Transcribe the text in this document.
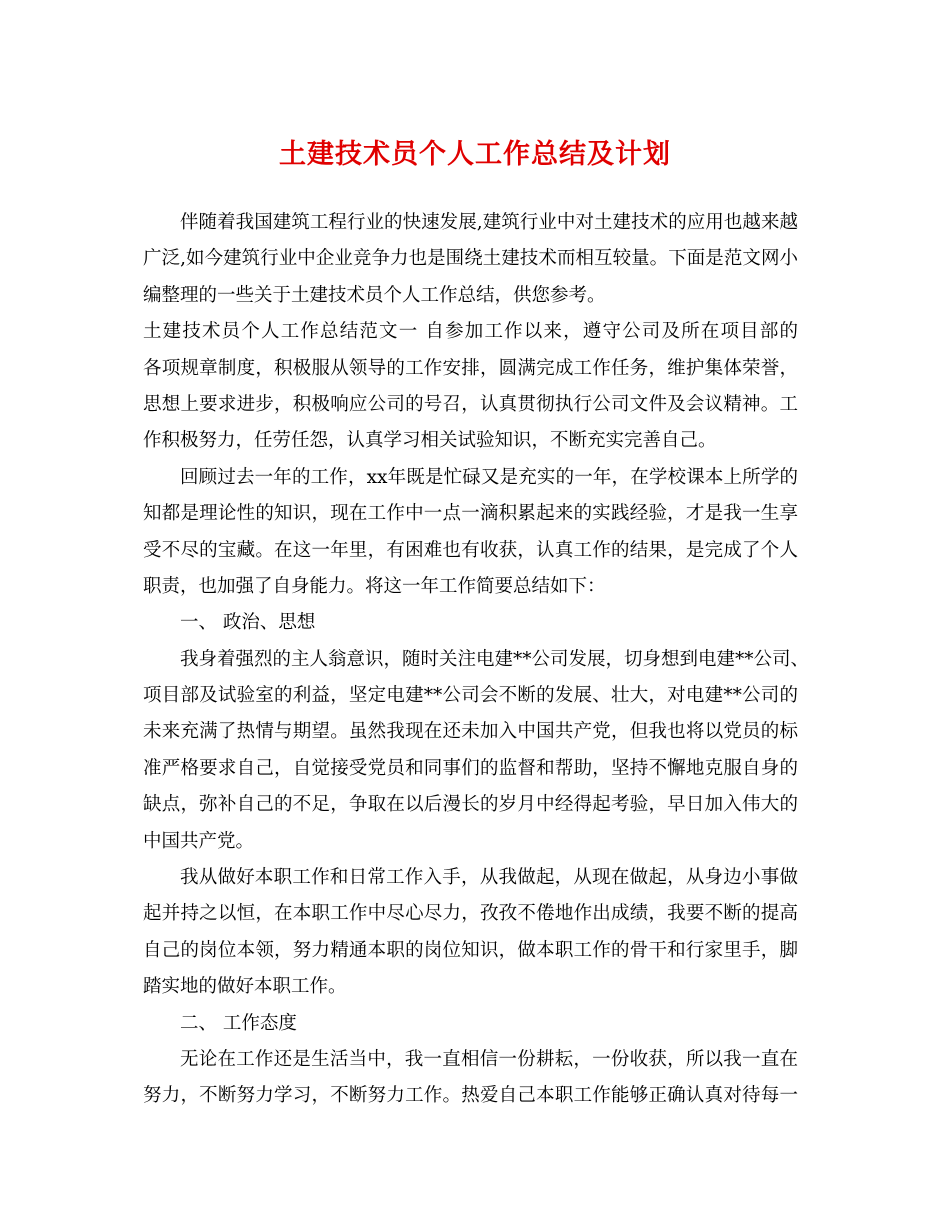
土建技术员个人工作总结及计划
伴随着我国建筑工程行业的快速发展,建筑行业中对土建技术的应用也越来越
广泛,如今建筑行业中企业竞争力也是围绕土建技术而相互较量。下面是范文网小
编整理的一些关于土建技术员个人工作总结，供您参考。
土建技术员个人工作总结范文一 自参加工作以来，遵守公司及所在项目部的
各项规章制度，积极服从领导的工作安排，圆满完成工作任务，维护集体荣誉，
思想上要求进步，积极响应公司的号召，认真贯彻执行公司文件及会议精神。工
作积极努力，任劳任怨，认真学习相关试验知识，不断充实完善自己。
回顾过去一年的工作，xx年既是忙碌又是充实的一年，在学校课本上所学的
知都是理论性的知识，现在工作中一点一滴积累起来的实践经验，才是我一生享
受不尽的宝藏。在这一年里，有困难也有收获，认真工作的结果，是完成了个人
职责，也加强了自身能力。将这一年工作简要总结如下：
一、 政治、思想
我身着强烈的主人翁意识，随时关注电建**公司发展，切身想到电建**公司、
项目部及试验室的利益，坚定电建**公司会不断的发展、壮大，对电建**公司的
未来充满了热情与期望。虽然我现在还未加入中国共产党，但我也将以党员的标
准严格要求自己，自觉接受党员和同事们的监督和帮助，坚持不懈地克服自身的
缺点，弥补自己的不足，争取在以后漫长的岁月中经得起考验，早日加入伟大的
中国共产党。
我从做好本职工作和日常工作入手，从我做起，从现在做起，从身边小事做
起并持之以恒，在本职工作中尽心尽力，孜孜不倦地作出成绩，我要不断的提高
自己的岗位本领，努力精通本职的岗位知识，做本职工作的骨干和行家里手，脚
踏实地的做好本职工作。
二、 工作态度
无论在工作还是生活当中，我一直相信一份耕耘，一份收获，所以我一直在
努力，不断努力学习，不断努力工作。热爱自己本职工作能够正确认真对待每一
